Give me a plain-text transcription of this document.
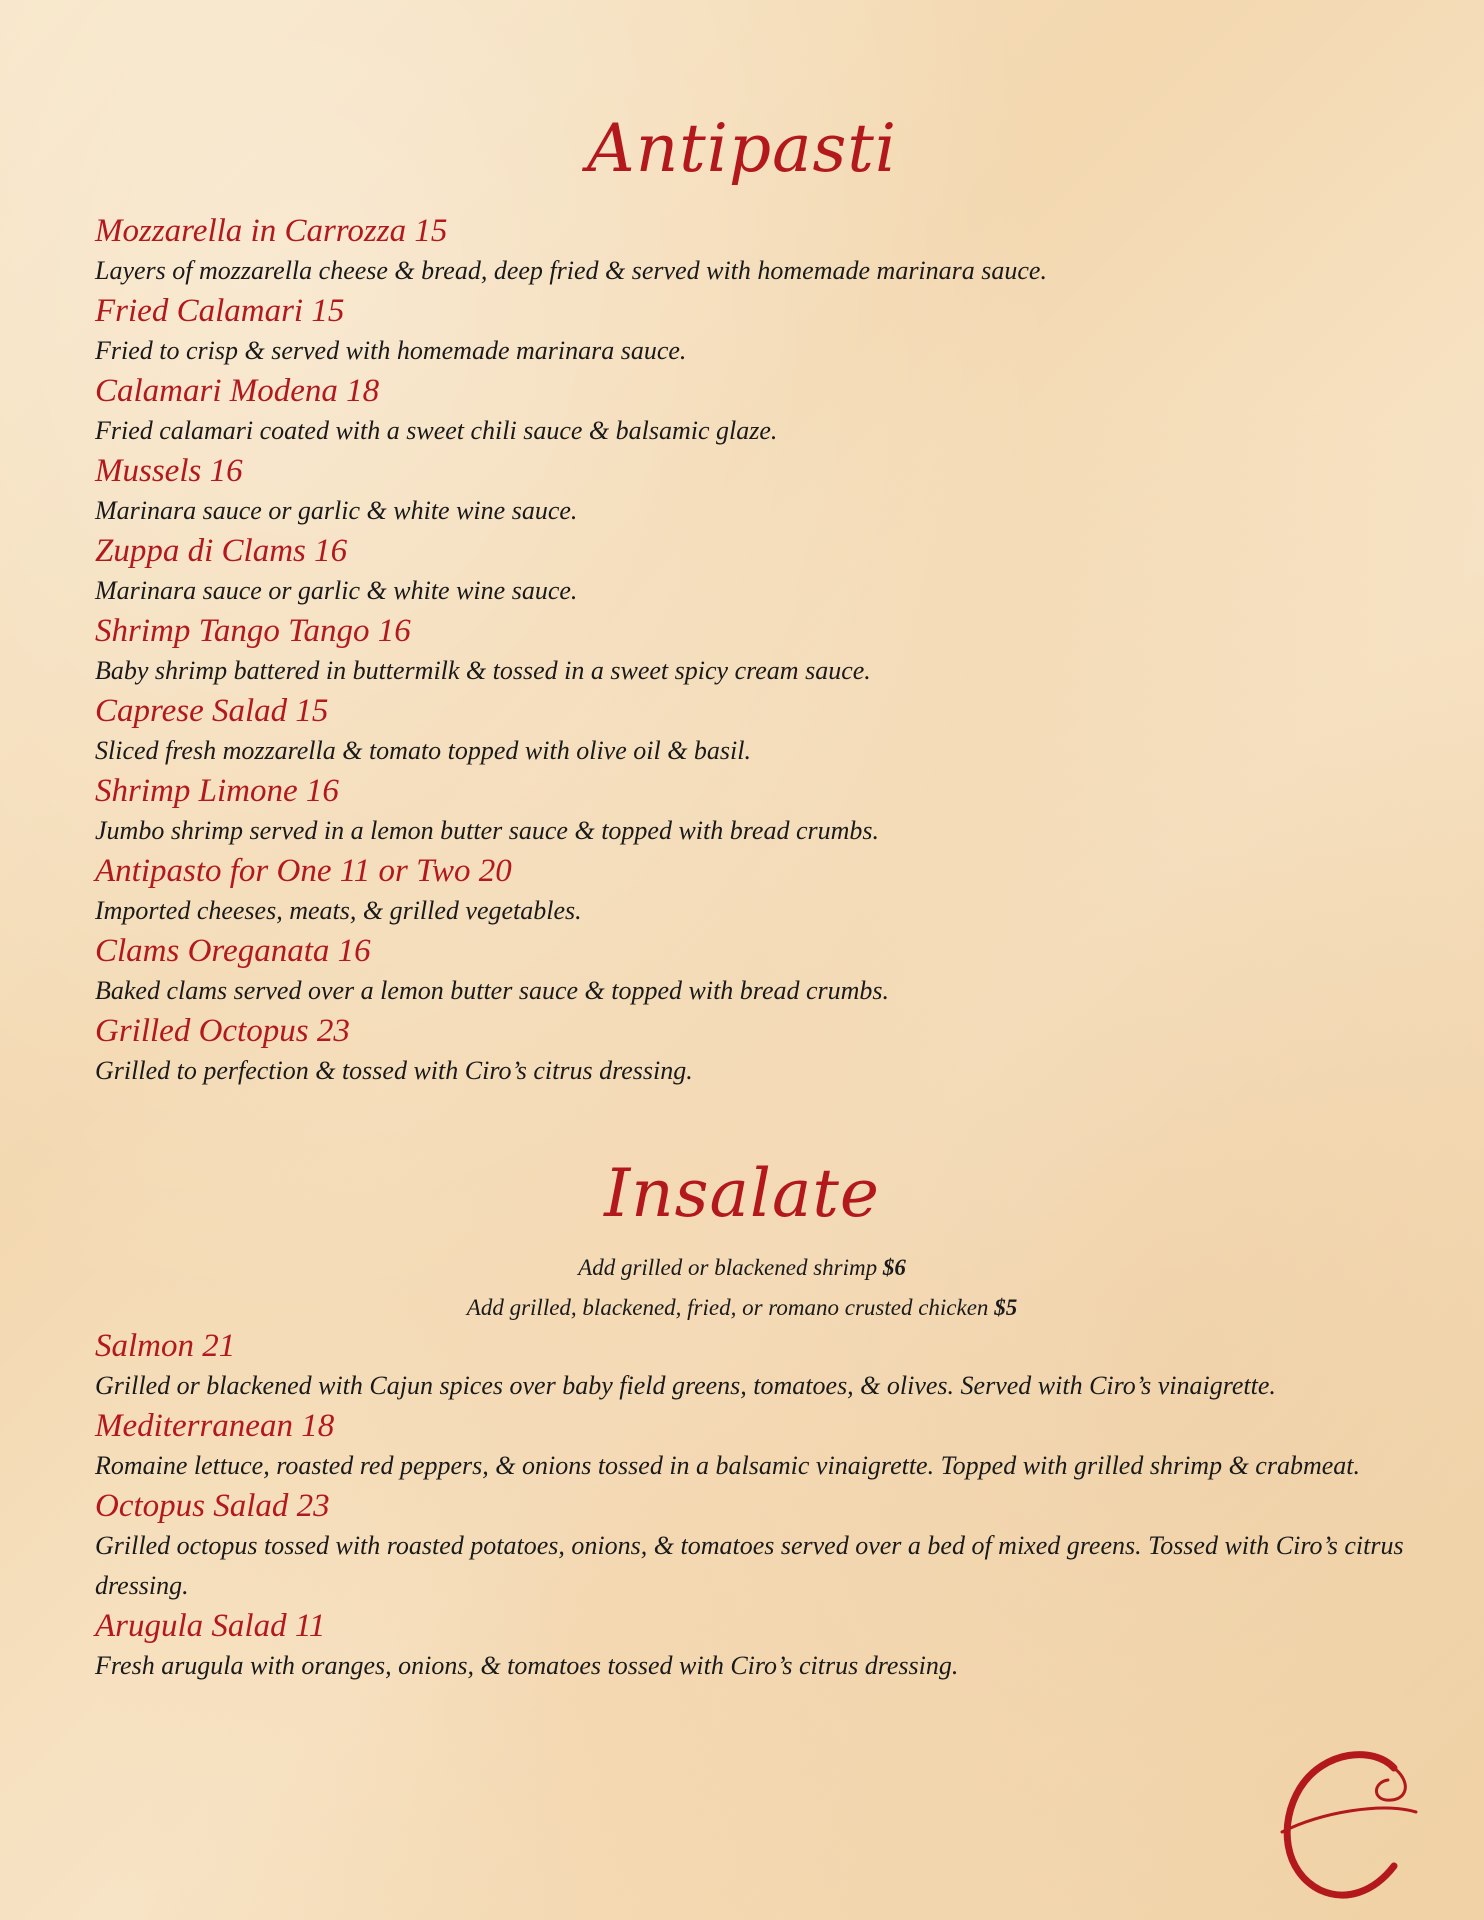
Antipasti
Mozzarella in Carrozza 15
Layers of mozzarella cheese & bread, deep fried & served with homemade marinara sauce.
Fried Calamari 15
Fried to crisp & served with homemade marinara sauce.
Calamari Modena 18
Fried calamari coated with a sweet chili sauce & balsamic glaze.
Mussels 16
Marinara sauce or garlic & white wine sauce.
Zuppa di Clams 16
Marinara sauce or garlic & white wine sauce.
Shrimp Tango Tango 16
Baby shrimp battered in buttermilk & tossed in a sweet spicy cream sauce.
Caprese Salad 15
Sliced fresh mozzarella & tomato topped with olive oil & basil.
Shrimp Limone 16
Jumbo shrimp served in a lemon butter sauce & topped with bread crumbs.
Antipasto for One 11 or Two 20
Imported cheeses, meats, & grilled vegetables.
Clams Oreganata 16
Baked clams served over a lemon butter sauce & topped with bread crumbs.
Grilled Octopus 23
Grilled to perfection & tossed with Ciro’s citrus dressing.
Insalate
Add grilled or blackened shrimp $6
Add grilled, blackened, fried, or romano crusted chicken $5
Salmon 21
Grilled or blackened with Cajun spices over baby field greens, tomatoes, & olives. Served with Ciro’s vinaigrette.
Mediterranean 18
Romaine lettuce, roasted red peppers, & onions tossed in a balsamic vinaigrette. Topped with grilled shrimp & crabmeat.
Octopus Salad 23
Grilled octopus tossed with roasted potatoes, onions, & tomatoes served over a bed of mixed greens. Tossed with Ciro’s citrus dressing.
Arugula Salad 11
Fresh arugula with oranges, onions, & tomatoes tossed with Ciro’s citrus dressing.
